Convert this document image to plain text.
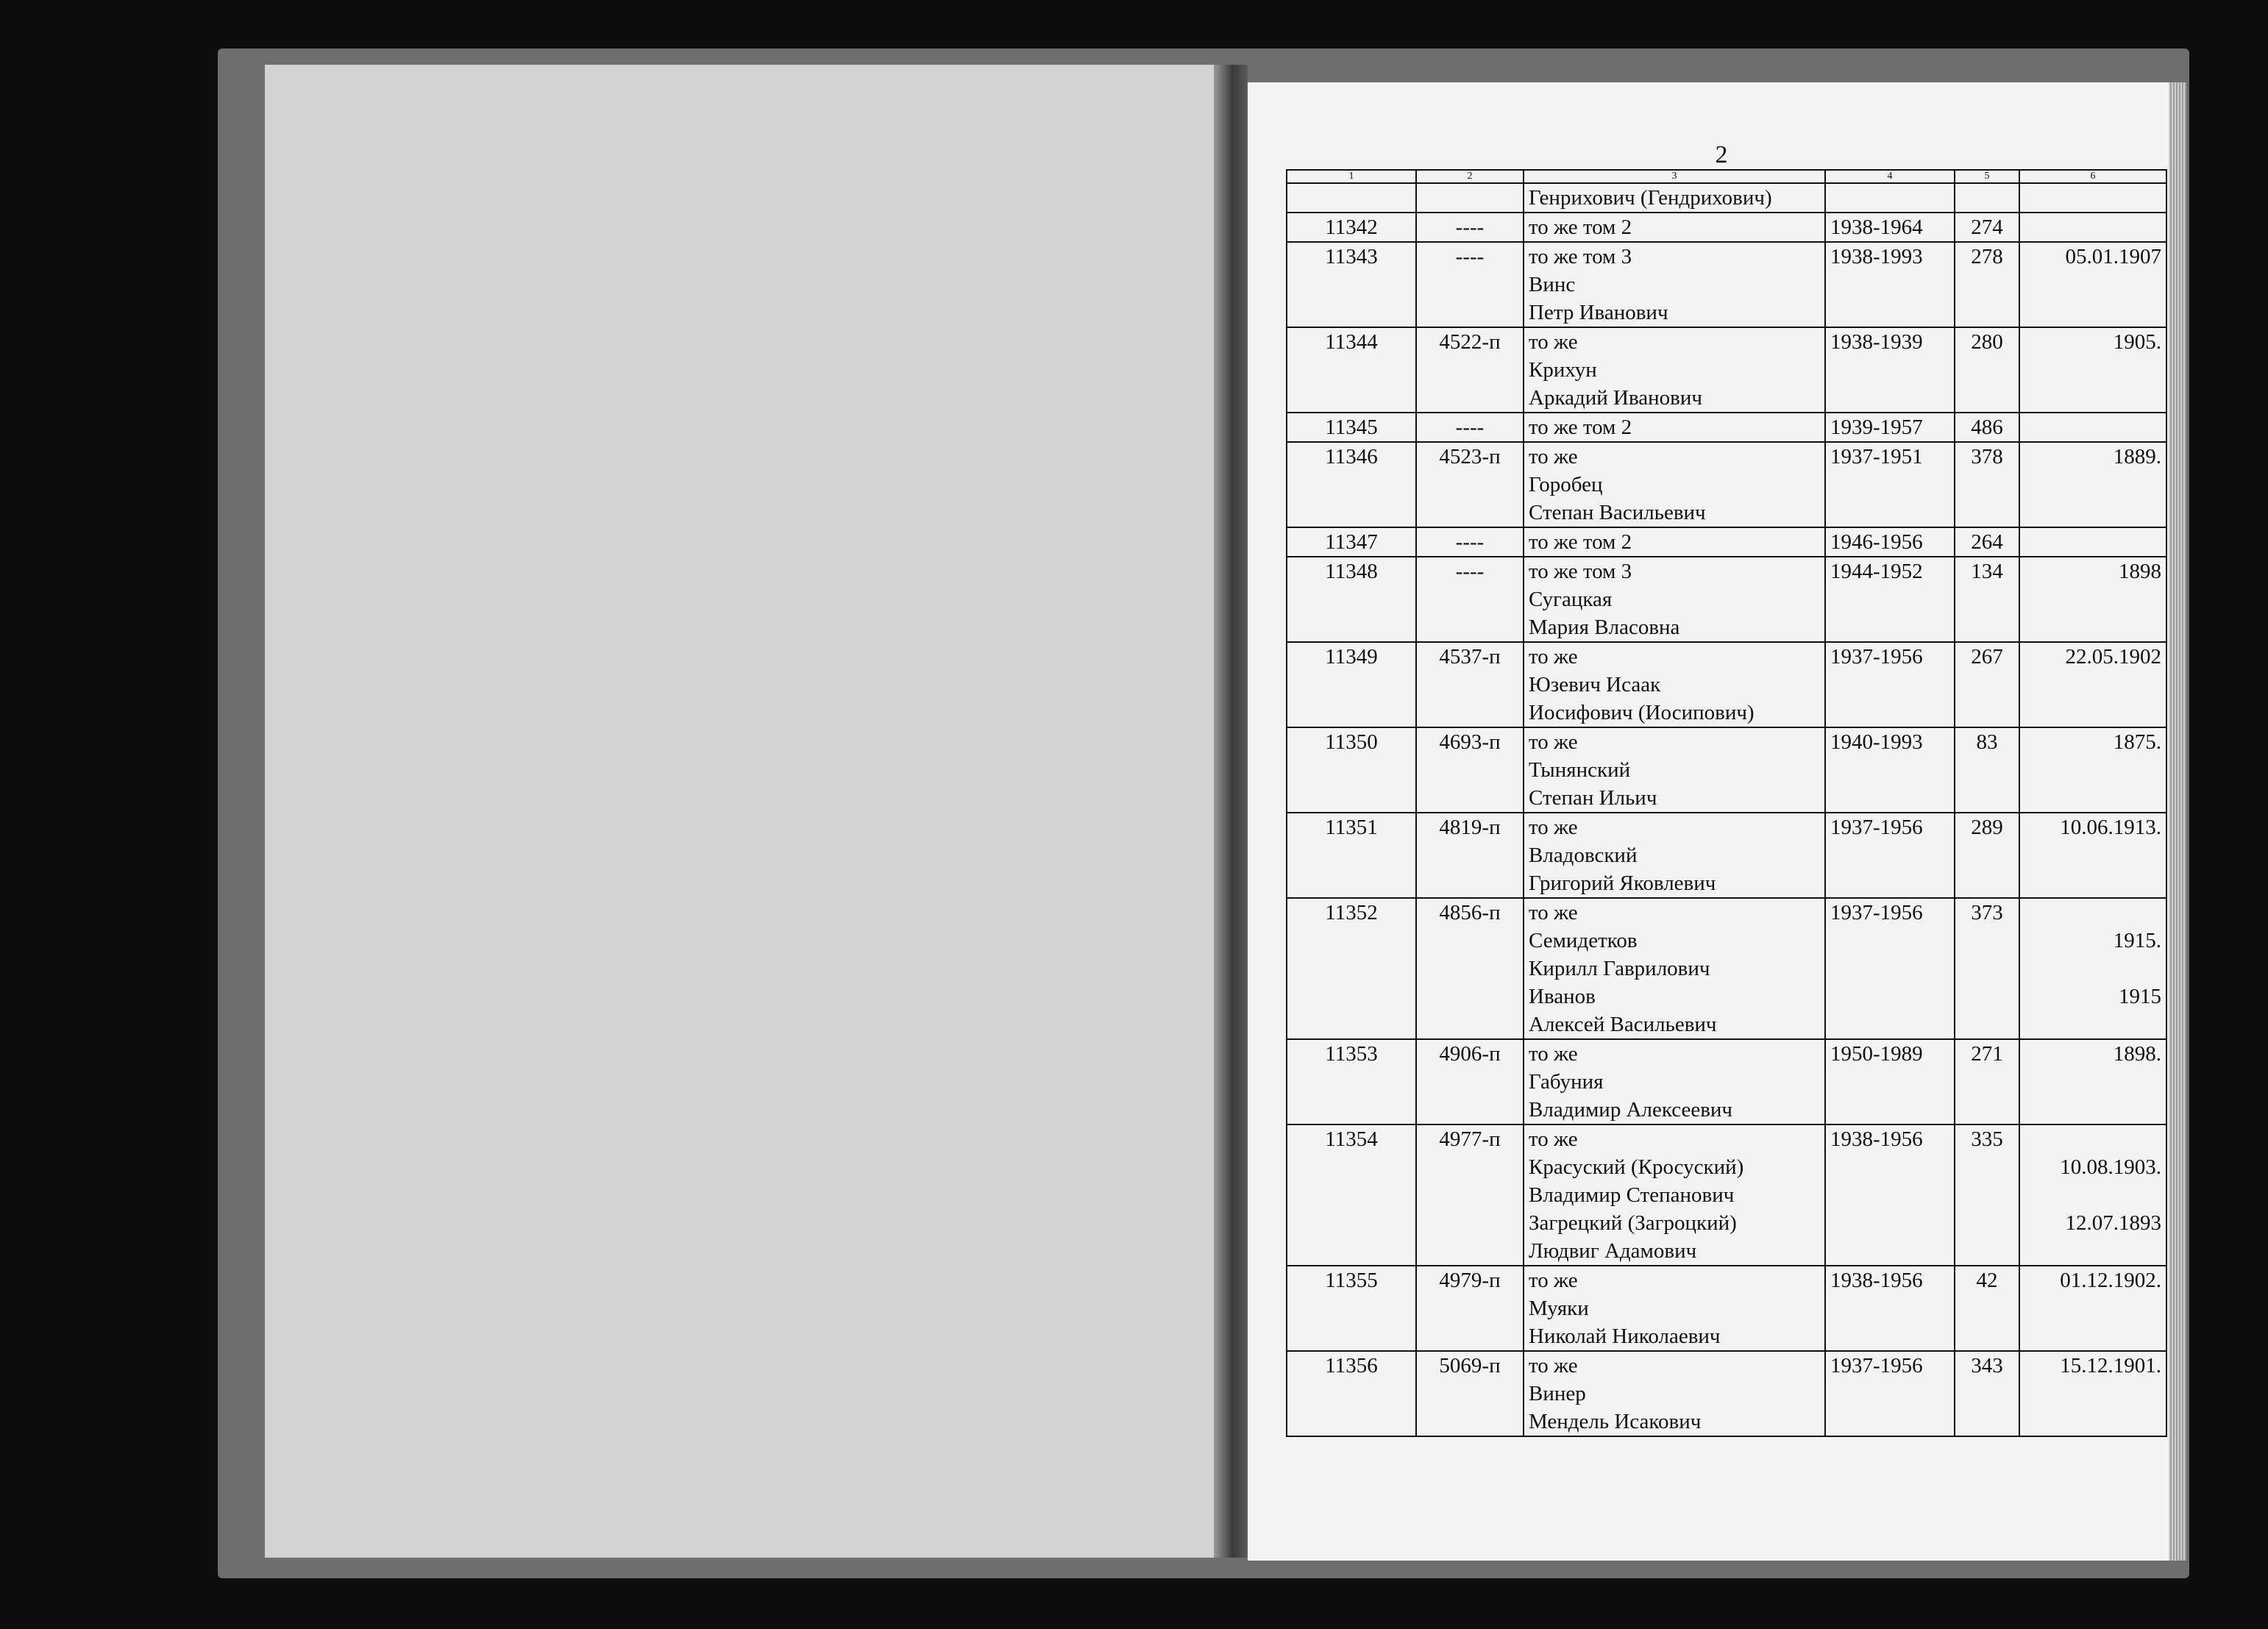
2
1	2	3	4	5	6

		Генрихович (Гендрихович)			

11342	----	то же том 2	1938-1964	274	
11343	----	то же том 3
Винс
Петр Иванович	1938-1993	278	05.01.1907
11344	4522-п	то же
Крихун
Аркадий Иванович	1938-1939	280	1905.
11345	----	то же том 2	1939-1957	486	
11346	4523-п	то же
Горобец
Степан Васильевич	1937-1951	378	1889.
11347	----	то же том 2	1946-1956	264	
11348	----	то же том 3
Сугацкая
Мария Власовна	1944-1952	134	1898
11349	4537-п	то же
Юзевич Исаак
Иосифович (Иосипович)	1937-1956	267	22.05.1902
11350	4693-п	то же
Тынянский
Степан Ильич	1940-1993	83	1875.
11351	4819-п	то же
Владовский
Григорий Яковлевич	1937-1956	289	10.06.1913.
11352	4856-п	то же
Семидетков
Кирилл Гаврилович
Иванов
Алексей Васильевич	1937-1956	373	1915.
1915

11353	4906-п	то же
Габуния
Владимир Алексеевич	1950-1989	271	1898.
11354	4977-п	то же
Красуский (Кросуский)
Владимир Степанович
Загрецкий (Загроцкий)
Людвиг Адамович	1938-1956	335	10.08.1903.
12.07.1893

11355	4979-п	то же
Муяки
Николай Николаевич	1938-1956	42	01.12.1902.
11356	5069-п	то же
Винер
Мендель Исакович	1937-1956	343	15.12.1901.
